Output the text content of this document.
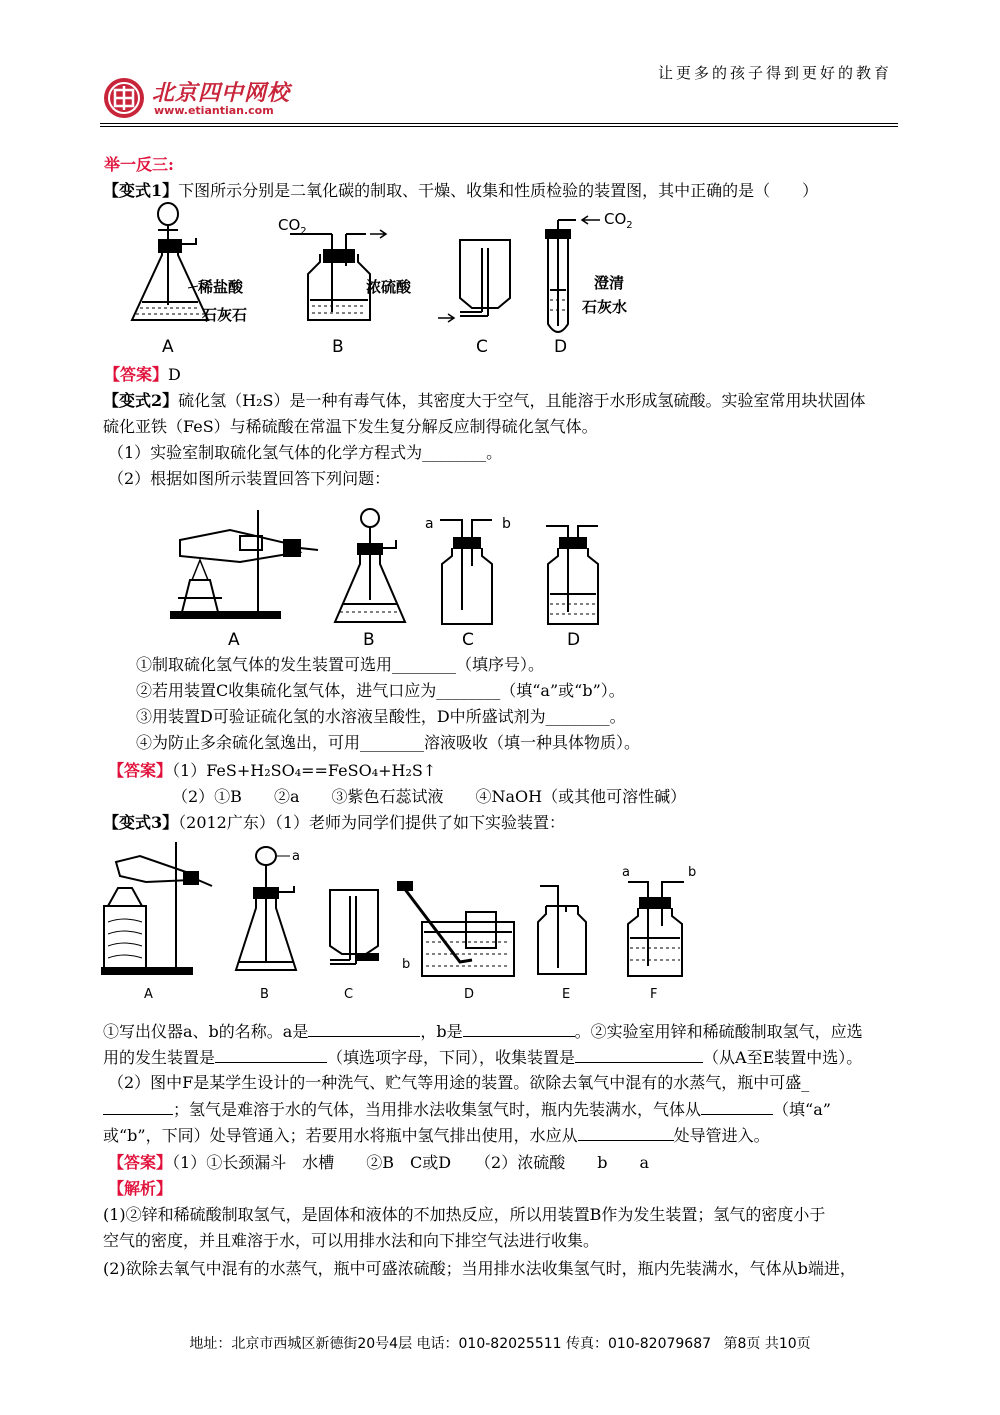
让更多的孩子得到更好的教育
北京四中网校
www.etiantian.com
举一反三:
【变式1】下图所示分别是二氧化碳的制取、干燥、收集和性质检验的装置图，其中正确的是（　　）
稀盐酸
石灰石
A
$CO_2$
浓硫酸
B	C
$CO_2$
澄清
石灰水
D
【答案】D
【变式2】硫化氢（H₂S）是一种有毒气体，其密度大于空气，且能溶于水形成氢硫酸。实验室常用块状固体
硫化亚铁（FeS）与稀硫酸在常温下发生复分解反应制得硫化氢气体。
（1）实验室制取硫化氢气体的化学方程式为________。
（2）根据如图所示装置回答下列问题：
A	B
a	b
C	D
①制取硫化氢气体的发生装置可选用________（填序号）。
②若用装置C收集硫化氢气体，进气口应为________（填“a”或“b”）。
③用装置D可验证硫化氢的水溶液呈酸性，D中所盛试剂为________。
④为防止多余硫化氢逸出，可用________溶液吸收（填一种具体物质）。
【答案】（1）FeS+H₂SO₄==FeSO₄+H₂S↑
（2）①B　　②a　　③紫色石蕊试液　　④NaOH（或其他可溶性碱）
【变式3】（2012广东）（1）老师为同学们提供了如下实验装置：
A
a
B	C
b
D	E
a	b
F
①写出仪器a、b的名称。a是	，b是	。②实验室用锌和稀硫酸制取氢气，应选
用的发生装置是	（填选项字母，下同），收集装置是	（从A至E装置中选）。
（2）图中F是某学生设计的一种洗气、贮气等用途的装置。欲除去氧气中混有的水蒸气，瓶中可盛_
；氢气是难溶于水的气体，当用排水法收集氢气时，瓶内先装满水，气体从	（填“a”
或“b”，下同）处导管通入；若要用水将瓶中氢气排出使用，水应从	处导管进入。
【答案】（1）①长颈漏斗　水槽　　②B　C或D　　（2）浓硫酸　　b　　a
【解析】
(1)②锌和稀硫酸制取氢气，是固体和液体的不加热反应，所以用装置B作为发生装置；氢气的密度小于
空气的密度，并且难溶于水，可以用排水法和向下排空气法进行收集。
(2)欲除去氧气中混有的水蒸气，瓶中可盛浓硫酸；当用排水法收集氢气时，瓶内先装满水，气体从b端进，
地址：北京市西城区新德街20号4层 电话：010-82025511 传真：010-82079687 第8页 共10页
